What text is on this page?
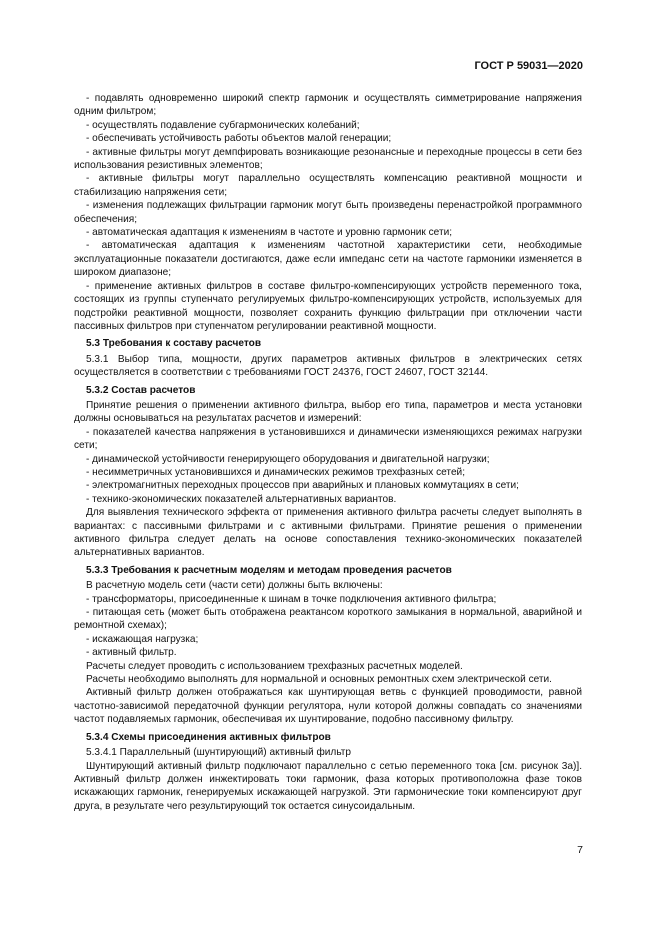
ГОСТ Р 59031—2020

- подавлять одновременно широкий спектр гармоник и осуществлять симметрирование напряжения одним фильтром;

- осуществлять подавление субгармонических колебаний;

- обеспечивать устойчивость работы объектов малой генерации;

- активные фильтры могут демпфировать возникающие резонансные и переходные процессы в сети без использования резистивных элементов;

- активные фильтры могут параллельно осуществлять компенсацию реактивной мощности и стабилизацию напряжения сети;

- изменения подлежащих фильтрации гармоник могут быть произведены перенастройкой программного обеспечения;

- автоматическая адаптация к изменениям в частоте и уровню гармоник сети;

- автоматическая адаптация к изменениям частотной характеристики сети, необходимые эксплуатационные показатели достигаются, даже если импеданс сети на частоте гармоники изменяется в широком диапазоне;

- применение активных фильтров в составе фильтро-компенсирующих устройств переменного тока, состоящих из группы ступенчато регулируемых фильтро-компенсирующих устройств, используемых для подстройки реактивной мощности, позволяет сохранить функцию фильтрации при отключении части пассивных фильтров при ступенчатом регулировании реактивной мощности.

5.3 Требования к составу расчетов

5.3.1 Выбор типа, мощности, других параметров активных фильтров в электрических сетях осуществляется в соответствии с требованиями ГОСТ 24376, ГОСТ 24607, ГОСТ 32144.

5.3.2 Состав расчетов

Принятие решения о применении активного фильтра, выбор его типа, параметров и места установки должны основываться на результатах расчетов и измерений:

- показателей качества напряжения в установившихся и динамически изменяющихся режимах нагрузки сети;

- динамической устойчивости генерирующего оборудования и двигательной нагрузки;

- несимметричных установившихся и динамических режимов трехфазных сетей;

- электромагнитных переходных процессов при аварийных и плановых коммутациях в сети;

- технико-экономических показателей альтернативных вариантов.

Для выявления технического эффекта от применения активного фильтра расчеты следует выполнять в вариантах: с пассивными фильтрами и с активными фильтрами. Принятие решения о применении активного фильтра следует делать на основе сопоставления технико-экономических показателей альтернативных вариантов.

5.3.3 Требования к расчетным моделям и методам проведения расчетов

В расчетную модель сети (части сети) должны быть включены:

- трансформаторы, присоединенные к шинам в точке подключения активного фильтра;

- питающая сеть (может быть отображена реактансом короткого замыкания в нормальной, аварийной и ремонтной схемах);

- искажающая нагрузка;

- активный фильтр.

Расчеты следует проводить с использованием трехфазных расчетных моделей.

Расчеты необходимо выполнять для нормальной и основных ремонтных схем электрической сети.

Активный фильтр должен отображаться как шунтирующая ветвь с функцией проводимости, равной частотно-зависимой передаточной функции регулятора, нули которой должны совпадать со значениями частот подавляемых гармоник, обеспечивая их шунтирование, подобно пассивному фильтру.

5.3.4 Схемы присоединения активных фильтров

5.3.4.1 Параллельный (шунтирующий) активный фильтр

Шунтирующий активный фильтр подключают параллельно с сетью переменного тока [см. рисунок 3а)]. Активный фильтр должен инжектировать токи гармоник, фаза которых противоположна фазе токов искажающих гармоник, генерируемых искажающей нагрузкой. Эти гармонические токи компенсируют друг друга, в результате чего результирующий ток остается синусоидальным.

7
